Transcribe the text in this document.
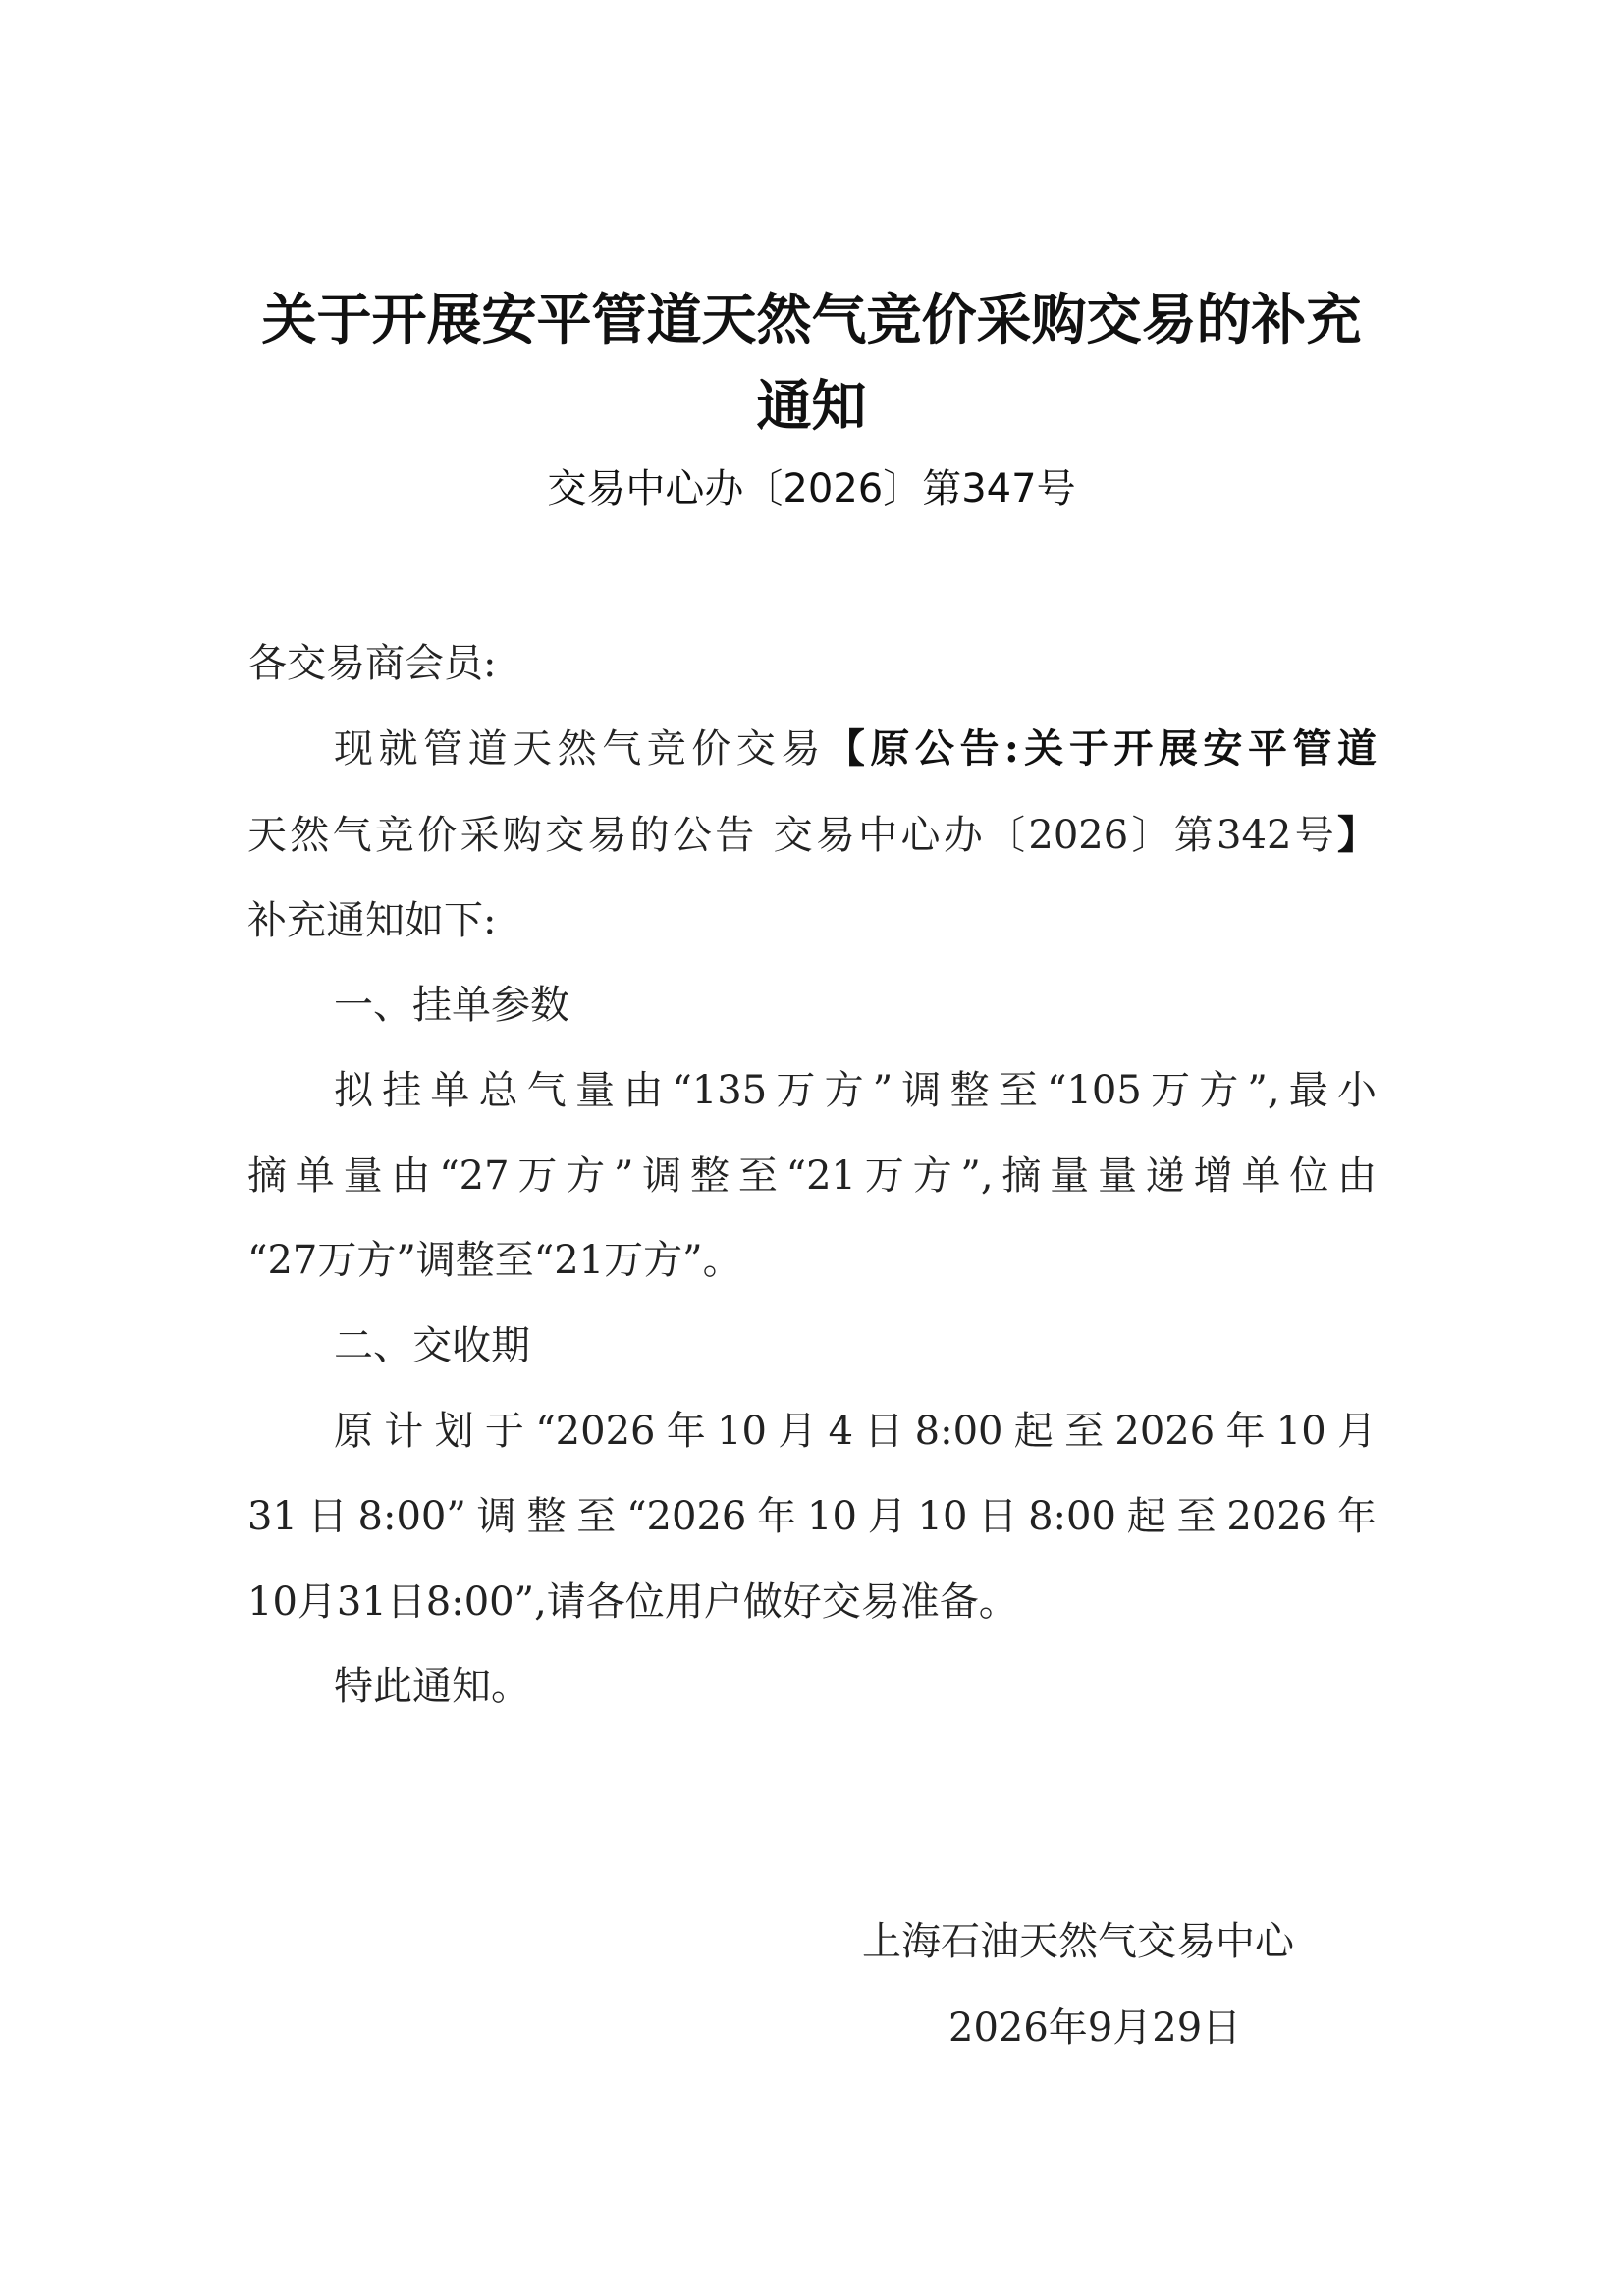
关于开展安平管道天然气竞价采购交易的补充
通知
交易中心办〔2026〕第347号
各交易商会员:
现就管道天然气竞价交易【原公告:关于开展安平管道
天然气竞价采购交易的公告 交易中心办〔2026〕第342号】
补充通知如下:
一、挂单参数
拟挂单总气量由“135万方”调整至“105万方”,最小
摘单量由“27万方”调整至“21万方”,摘量量递增单位由
“27万方”调整至“21万方”。
二、交收期
原计划于“2026年10月4日8:00起至2026年10月
31日8:00”调整至“2026年10月10日8:00起至2026年
10月31日8:00”,请各位用户做好交易准备。
特此通知。
上海石油天然气交易中心
2026年9月29日
